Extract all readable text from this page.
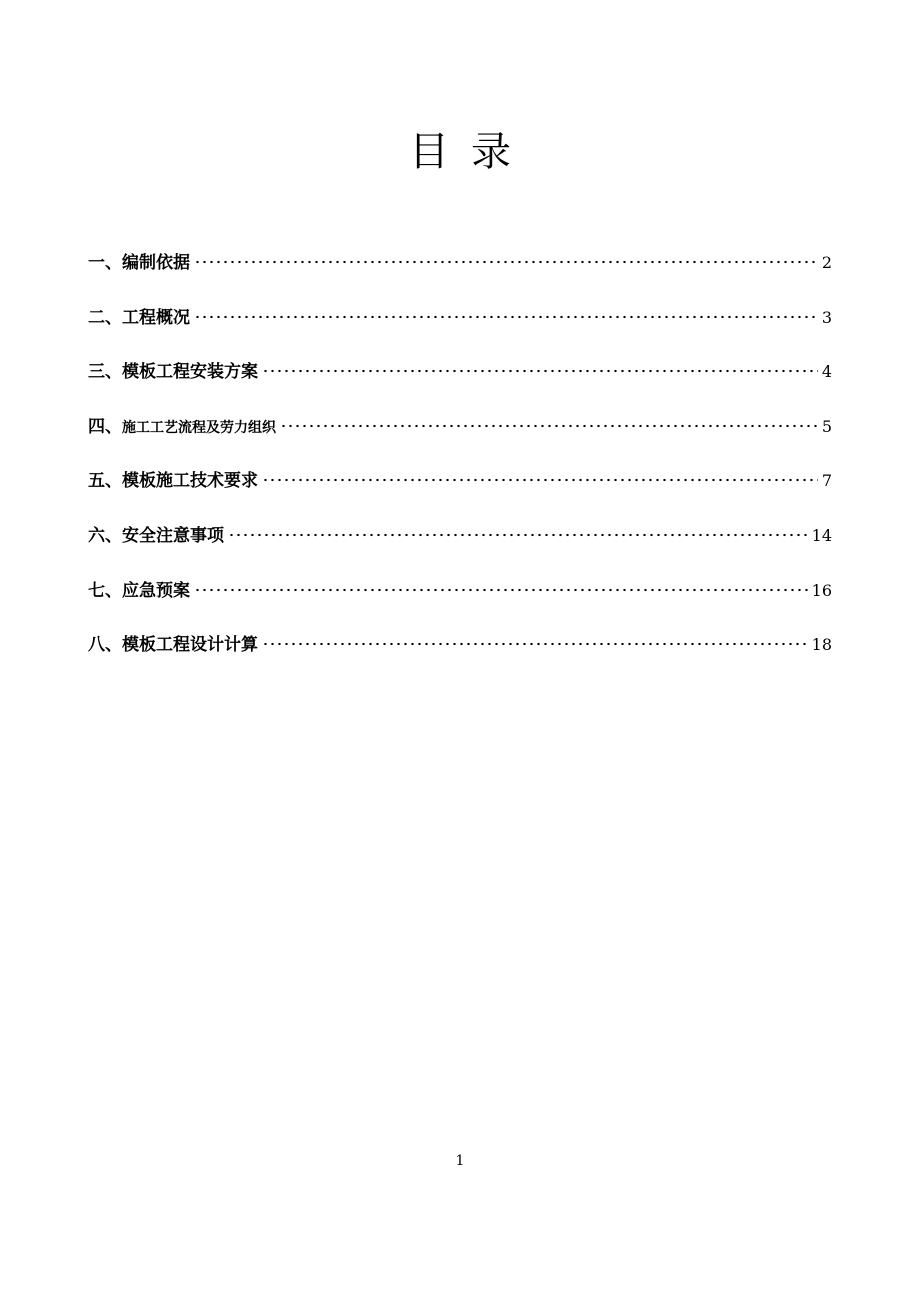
目录
一、 编制依据	2
二、 工程概况	3
三、 模板工程安装方案	4
四、 施工工艺流程及劳力组织	5
五、 模板施工技术要求	7
六、 安全注意事项	14
七、 应急预案	16
八、 模板工程设计计算	18
1
